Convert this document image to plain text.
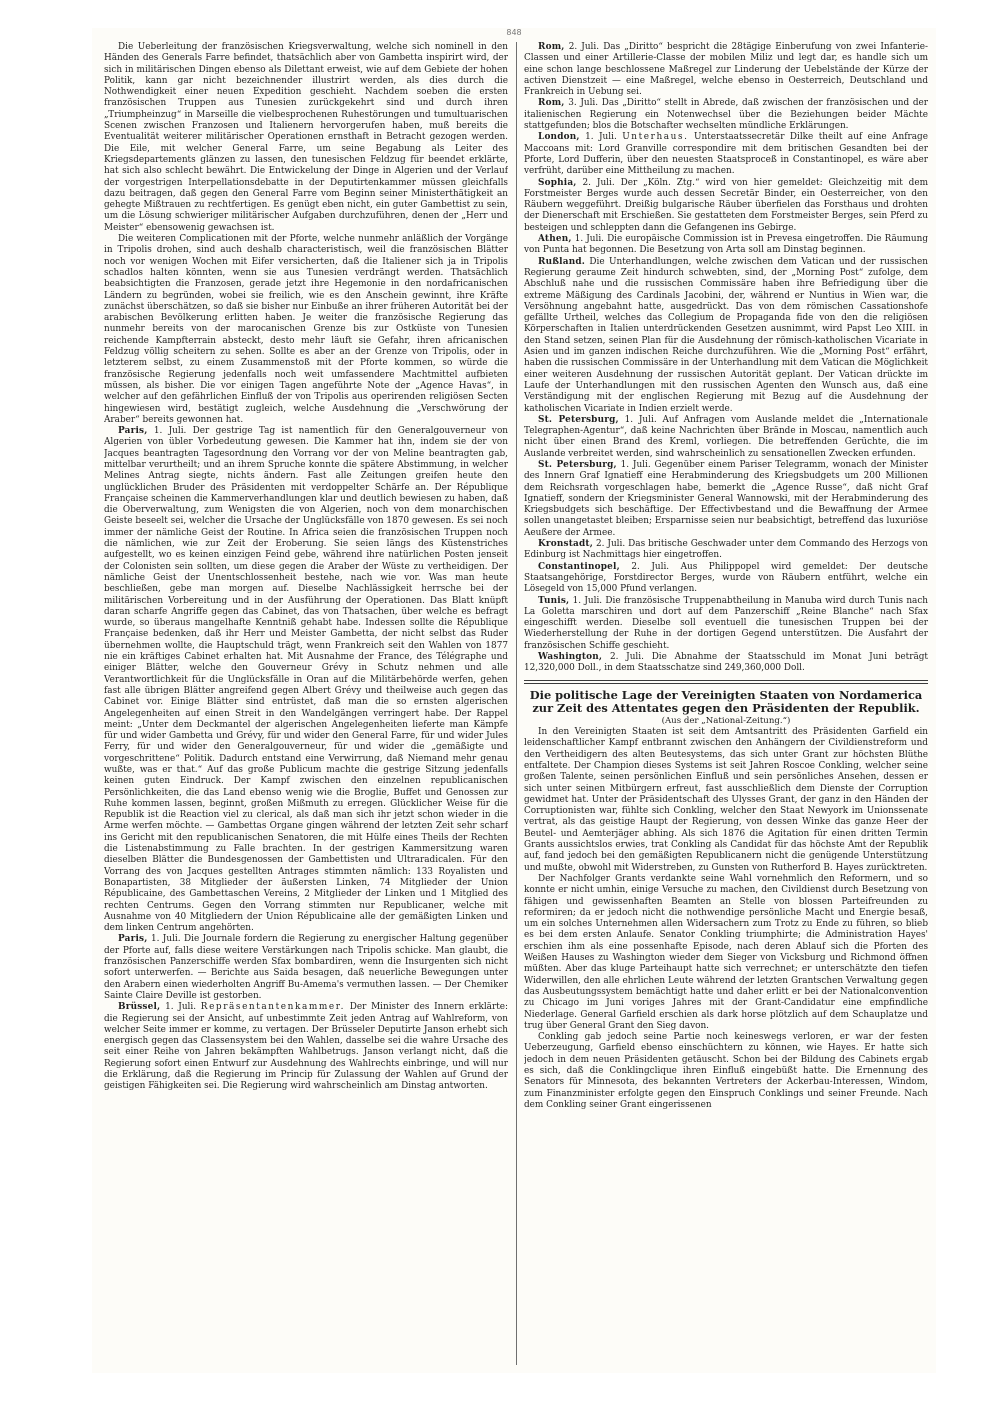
848

Die Ueberleitung der französischen Kriegsverwaltung, welche sich nominell in den Händen des Generals Farre befindet, thatsächlich aber von Gambetta inspirirt wird, der sich in militärischen Dingen ebenso als Dilettant erweist, wie auf dem Gebiete der hohen Politik, kann gar nicht bezeichnender illustrirt werden, als dies durch die Nothwendigkeit einer neuen Expedition geschieht. Nachdem soeben die ersten französischen Truppen aus Tunesien zurückgekehrt sind und durch ihren „Triumpheinzug“ in Marseille die vielbesprochenen Ruhestörungen und tumultuarischen Scenen zwischen Franzosen und Italienern hervorgerufen haben, muß bereits die Eventualität weiterer militärischer Operationen ernsthaft in Betracht gezogen werden. Die Eile, mit welcher General Farre, um seine Begabung als Leiter des Kriegsdepartements glänzen zu lassen, den tunesischen Feldzug für beendet erklärte, hat sich also schlecht bewährt. Die Entwickelung der Dinge in Algerien und der Verlauf der vorgestrigen Interpellationsdebatte in der Deputirtenkammer müssen gleichfalls dazu beitragen, daß gegen den General Farre vom Beginn seiner Ministerthätigkeit an gehegte Mißtrauen zu rechtfertigen. Es genügt eben nicht, ein guter Gambettist zu sein, um die Lösung schwieriger militärischer Aufgaben durchzuführen, denen der „Herr und Meister“ ebensowenig gewachsen ist.

Die weiteren Complicationen mit der Pforte, welche nunmehr anläßlich der Vorgänge in Tripolis drohen, sind auch deshalb characteristisch, weil die französischen Blätter noch vor wenigen Wochen mit Eifer versicherten, daß die Italiener sich ja in Tripolis schadlos halten könnten, wenn sie aus Tunesien verdrängt werden. Thatsächlich beabsichtigten die Franzosen, gerade jetzt ihre Hegemonie in den nordafricanischen Ländern zu begründen, wobei sie freilich, wie es den Anschein gewinnt, ihre Kräfte zunächst überschätzen, so daß sie bisher nur Einbuße an ihrer früheren Autorität bei der arabischen Bevölkerung erlitten haben. Je weiter die französische Regierung das nunmehr bereits von der marocanischen Grenze bis zur Ostküste von Tunesien reichende Kampfterrain absteckt, desto mehr läuft sie Gefahr, ihren africanischen Feldzug völlig scheitern zu sehen. Sollte es aber an der Grenze von Tripolis, oder in letzterem selbst, zu einem Zusammenstoß mit der Pforte kommen, so würde die französische Regierung jedenfalls noch weit umfassendere Machtmittel aufbieten müssen, als bisher. Die vor einigen Tagen angeführte Note der „Agence Havas“, in welcher auf den gefährlichen Einfluß der von Tripolis aus operirenden religiösen Secten hingewiesen wird, bestätigt zugleich, welche Ausdehnung die „Verschwörung der Araber“ bereits gewonnen hat.

Paris, 1. Juli. Der gestrige Tag ist namentlich für den Generalgouverneur von Algerien von übler Vorbedeutung gewesen. Die Kammer hat ihn, indem sie der von Jacques beantragten Tagesordnung den Vorrang vor der von Meline beantragten gab, mittelbar verurtheilt; und an ihrem Spruche konnte die spätere Abstimmung, in welcher Melines Antrag siegte, nichts ändern. Fast alle Zeitungen greifen heute den unglücklichen Bruder des Präsidenten mit verdoppelter Schärfe an. Der République Française scheinen die Kammerverhandlungen klar und deutlich bewiesen zu haben, daß die Oberverwaltung, zum Wenigsten die von Algerien, noch von dem monarchischen Geiste beseelt sei, welcher die Ursache der Unglücksfälle von 1870 gewesen. Es sei noch immer der nämliche Geist der Routine. In Africa seien die französischen Truppen noch die nämlichen, wie zur Zeit der Eroberung. Sie seien längs des Küstenstriches aufgestellt, wo es keinen einzigen Feind gebe, während ihre natürlichen Posten jenseit der Colonisten sein sollten, um diese gegen die Araber der Wüste zu vertheidigen. Der nämliche Geist der Unentschlossenheit bestehe, nach wie vor. Was man heute beschließen, gebe man morgen auf. Dieselbe Nachlässigkeit herrsche bei der militärischen Vorbereitung und in der Ausführung der Operationen. Das Blatt knüpft daran scharfe Angriffe gegen das Cabinet, das von Thatsachen, über welche es befragt wurde, so überaus mangelhafte Kenntniß gehabt habe. Indessen sollte die République Française bedenken, daß ihr Herr und Meister Gambetta, der nicht selbst das Ruder übernehmen wollte, die Hauptschuld trägt, wenn Frankreich seit den Wahlen von 1877 nie ein kräftiges Cabinet erhalten hat. Mit Ausnahme der France, des Télégraphe und einiger Blätter, welche den Gouverneur Grévy in Schutz nehmen und alle Verantwortlichkeit für die Unglücksfälle in Oran auf die Militärbehörde werfen, gehen fast alle übrigen Blätter angreifend gegen Albert Grévy und theilweise auch gegen das Cabinet vor. Einige Blätter sind entrüstet, daß man die so ernsten algerischen Angelegenheiten auf einen Streit in den Wandelgängen verringert habe. Der Rappel meint: „Unter dem Deckmantel der algerischen Angelegenheiten lieferte man Kämpfe für und wider Gambetta und Grévy, für und wider den General Farre, für und wider Jules Ferry, für und wider den Generalgouverneur, für und wider die „gemäßigte und vorgeschrittene“ Politik. Dadurch entstand eine Verwirrung, daß Niemand mehr genau wußte, was er that.“ Auf das große Publicum machte die gestrige Sitzung jedenfalls keinen guten Eindruck. Der Kampf zwischen den einzelnen republicanischen Persönlichkeiten, die das Land ebenso wenig wie die Broglie, Buffet und Genossen zur Ruhe kommen lassen, beginnt, großen Mißmuth zu erregen. Glücklicher Weise für die Republik ist die Reaction viel zu clerical, als daß man sich ihr jetzt schon wieder in die Arme werfen möchte. — Gambettas Organe gingen während der letzten Zeit sehr scharf ins Gericht mit den republicanischen Senatoren, die mit Hülfe eines Theils der Rechten die Listenabstimmung zu Falle brachten. In der gestrigen Kammersitzung waren dieselben Blätter die Bundesgenossen der Gambettisten und Ultraradicalen. Für den Vorrang des von Jacques gestellten Antrages stimmten nämlich: 133 Royalisten und Bonapartisten, 38 Mitglieder der äußersten Linken, 74 Mitglieder der Union Républicaine, des Gambettaschen Vereins, 2 Mitglieder der Linken und 1 Mitglied des rechten Centrums. Gegen den Vorrang stimmten nur Republicaner, welche mit Ausnahme von 40 Mitgliedern der Union Républicaine alle der gemäßigten Linken und dem linken Centrum angehörten.

Paris, 1. Juli. Die Journale fordern die Regierung zu energischer Haltung gegenüber der Pforte auf, falls diese weitere Verstärkungen nach Tripolis schicke. Man glaubt, die französischen Panzerschiffe werden Sfax bombardiren, wenn die Insurgenten sich nicht sofort unterwerfen. — Berichte aus Saida besagen, daß neuerliche Bewegungen unter den Arabern einen wiederholten Angriff Bu-Amema's vermuthen lassen. — Der Chemiker Sainte Claire Deville ist gestorben.

Brüssel, 1. Juli. Repräsentantenkammer. Der Minister des Innern erklärte: die Regierung sei der Ansicht, auf unbestimmte Zeit jeden Antrag auf Wahlreform, von welcher Seite immer er komme, zu vertagen. Der Brüsseler Deputirte Janson erhebt sich energisch gegen das Classensystem bei den Wahlen, dasselbe sei die wahre Ursache des seit einer Reihe von Jahren bekämpften Wahlbetrugs. Janson verlangt nicht, daß die Regierung sofort einen Entwurf zur Ausdehnung des Wahlrechts einbringe, und will nur die Erklärung, daß die Regierung im Princip für Zulassung der Wahlen auf Grund der geistigen Fähigkeiten sei. Die Regierung wird wahrscheinlich am Dinstag antworten.

Rom, 2. Juli. Das „Diritto“ bespricht die 28tägige Einberufung von zwei Infanterie-Classen und einer Artillerie-Classe der mobilen Miliz und legt dar, es handle sich um eine schon lange beschlossene Maßregel zur Linderung der Uebelstände der Kürze der activen Dienstzeit — eine Maßregel, welche ebenso in Oesterreich, Deutschland und Frankreich in Uebung sei.

Rom, 3. Juli. Das „Diritto“ stellt in Abrede, daß zwischen der französischen und der italienischen Regierung ein Notenwechsel über die Beziehungen beider Mächte stattgefunden; blos die Botschafter wechselten mündliche Erklärungen.

London, 1. Juli. Unterhaus. Unterstaatssecretär Dilke theilt auf eine Anfrage Maccoans mit: Lord Granville correspondire mit dem britischen Gesandten bei der Pforte, Lord Dufferin, über den neuesten Staatsproceß in Constantinopel, es wäre aber verfrüht, darüber eine Mittheilung zu machen.

Sophia, 2. Juli. Der „Köln. Ztg.“ wird von hier gemeldet: Gleichzeitig mit dem Forstmeister Berges wurde auch dessen Secretär Binder, ein Oesterreicher, von den Räubern weggeführt. Dreißig bulgarische Räuber überfielen das Forsthaus und drohten der Dienerschaft mit Erschießen. Sie gestatteten dem Forstmeister Berges, sein Pferd zu besteigen und schleppten dann die Gefangenen ins Gebirge.

Athen, 1. Juli. Die europäische Commission ist in Prevesa eingetroffen. Die Räumung von Punta hat begonnen. Die Besetzung von Arta soll am Dinstag beginnen.

Rußland. Die Unterhandlungen, welche zwischen dem Vatican und der russischen Regierung geraume Zeit hindurch schwebten, sind, der „Morning Post“ zufolge, dem Abschluß nahe und die russischen Commissäre haben ihre Befriedigung über die extreme Mäßigung des Cardinals Jacobini, der, während er Nuntius in Wien war, die Versöhnung angebahnt hatte, ausgedrückt. Das von dem römischen Cassationshofe gefällte Urtheil, welches das Collegium de Propaganda fide von den die religiösen Körperschaften in Italien unterdrückenden Gesetzen ausnimmt, wird Papst Leo XIII. in den Stand setzen, seinen Plan für die Ausdehnung der römisch-katholischen Vicariate in Asien und im ganzen indischen Reiche durchzuführen. Wie die „Morning Post“ erfährt, haben die russischen Commissäre in der Unterhandlung mit dem Vatican die Möglichkeit einer weiteren Ausdehnung der russischen Autorität geplant. Der Vatican drückte im Laufe der Unterhandlungen mit den russischen Agenten den Wunsch aus, daß eine Verständigung mit der englischen Regierung mit Bezug auf die Ausdehnung der katholischen Vicariate in Indien erzielt werde.

St. Petersburg, 1. Juli. Auf Anfragen vom Auslande meldet die „Internationale Telegraphen-Agentur“, daß keine Nachrichten über Brände in Moscau, namentlich auch nicht über einen Brand des Kreml, vorliegen. Die betreffenden Gerüchte, die im Auslande verbreitet werden, sind wahrscheinlich zu sensationellen Zwecken erfunden.

St. Petersburg, 1. Juli. Gegenüber einem Pariser Telegramm, wonach der Minister des Innern Graf Ignatieff eine Herabminderung des Kriegsbudgets um 200 Millionen dem Reichsrath vorgeschlagen habe, bemerkt die „Agence Russe“, daß nicht Graf Ignatieff, sondern der Kriegsminister General Wannowski, mit der Herabminderung des Kriegsbudgets sich beschäftige. Der Effectivbestand und die Bewaffnung der Armee sollen unangetastet bleiben; Ersparnisse seien nur beabsichtigt, betreffend das luxuriöse Aeußere der Armee.

Kronstadt, 2. Juli. Das britische Geschwader unter dem Commando des Herzogs von Edinburg ist Nachmittags hier eingetroffen.

Constantinopel, 2. Juli. Aus Philippopel wird gemeldet: Der deutsche Staatsangehörige, Forstdirector Berges, wurde von Räubern entführt, welche ein Lösegeld von 15,000 Pfund verlangen.

Tunis, 1. Juli. Die französische Truppenabtheilung in Manuba wird durch Tunis nach La Goletta marschiren und dort auf dem Panzerschiff „Reine Blanche“ nach Sfax eingeschifft werden. Dieselbe soll eventuell die tunesischen Truppen bei der Wiederherstellung der Ruhe in der dortigen Gegend unterstützen. Die Ausfahrt der französischen Schiffe geschieht.

Washington, 2. Juli. Die Abnahme der Staatsschuld im Monat Juni beträgt 12,320,000 Doll., in dem Staatsschatze sind 249,360,000 Doll.

Die politische Lage der Vereinigten Staaten von Nordamerica zur Zeit des Attentates gegen den Präsidenten der Republik.

(Aus der „National-Zeitung.“)

In den Vereinigten Staaten ist seit dem Amtsantritt des Präsidenten Garfield ein leidenschaftlicher Kampf entbrannt zwischen den Anhängern der Civildienstreform und den Vertheidigern des alten Beutesystems, das sich unter Grant zur höchsten Blüthe entfaltete. Der Champion dieses Systems ist seit Jahren Roscoe Conkling, welcher seine großen Talente, seinen persönlichen Einfluß und sein persönliches Ansehen, dessen er sich unter seinen Mitbürgern erfreut, fast ausschließlich dem Dienste der Corruption gewidmet hat. Unter der Präsidentschaft des Ulysses Grant, der ganz in den Händen der Corruptionisten war, fühlte sich Conkling, welcher den Staat Newyork im Unionssenate vertrat, als das geistige Haupt der Regierung, von dessen Winke das ganze Heer der Beutel- und Aemterjäger abhing. Als sich 1876 die Agitation für einen dritten Termin Grants aussichtslos erwies, trat Conkling als Candidat für das höchste Amt der Republik auf, fand jedoch bei den gemäßigten Republicanern nicht die genügende Unterstützung und mußte, obwohl mit Widerstreben, zu Gunsten von Rutherford B. Hayes zurücktreten.

Der Nachfolger Grants verdankte seine Wahl vornehmlich den Reformern, und so konnte er nicht umhin, einige Versuche zu machen, den Civildienst durch Besetzung von fähigen und gewissenhaften Beamten an Stelle von blossen Parteifreunden zu reformiren; da er jedoch nicht die nothwendige persönliche Macht und Energie besaß, um ein solches Unternehmen allen Widersachern zum Trotz zu Ende zu führen, so blieb es bei dem ersten Anlaufe. Senator Conkling triumphirte; die Administration Hayes' erschien ihm als eine possenhafte Episode, nach deren Ablauf sich die Pforten des Weißen Hauses zu Washington wieder dem Sieger von Vicksburg und Richmond öffnen müßten. Aber das kluge Parteihaupt hatte sich verrechnet; er unterschätzte den tiefen Widerwillen, den alle ehrlichen Leute während der letzten Grantschen Verwaltung gegen das Ausbeutungssystem bemächtigt hatte und daher erlitt er bei der Nationalconvention zu Chicago im Juni voriges Jahres mit der Grant-Candidatur eine empfindliche Niederlage. General Garfield erschien als dark horse plötzlich auf dem Schauplatze und trug über General Grant den Sieg davon.

Conkling gab jedoch seine Partie noch keineswegs verloren, er war der festen Ueberzeugung, Garfield ebenso einschüchtern zu können, wie Hayes. Er hatte sich jedoch in dem neuen Präsidenten getäuscht. Schon bei der Bildung des Cabinets ergab es sich, daß die Conklingclique ihren Einfluß eingebüßt hatte. Die Ernennung des Senators für Minnesota, des bekannten Vertreters der Ackerbau-Interessen, Windom, zum Finanzminister erfolgte gegen den Einspruch Conklings und seiner Freunde. Nach dem Conkling seiner Grant eingerissenen
